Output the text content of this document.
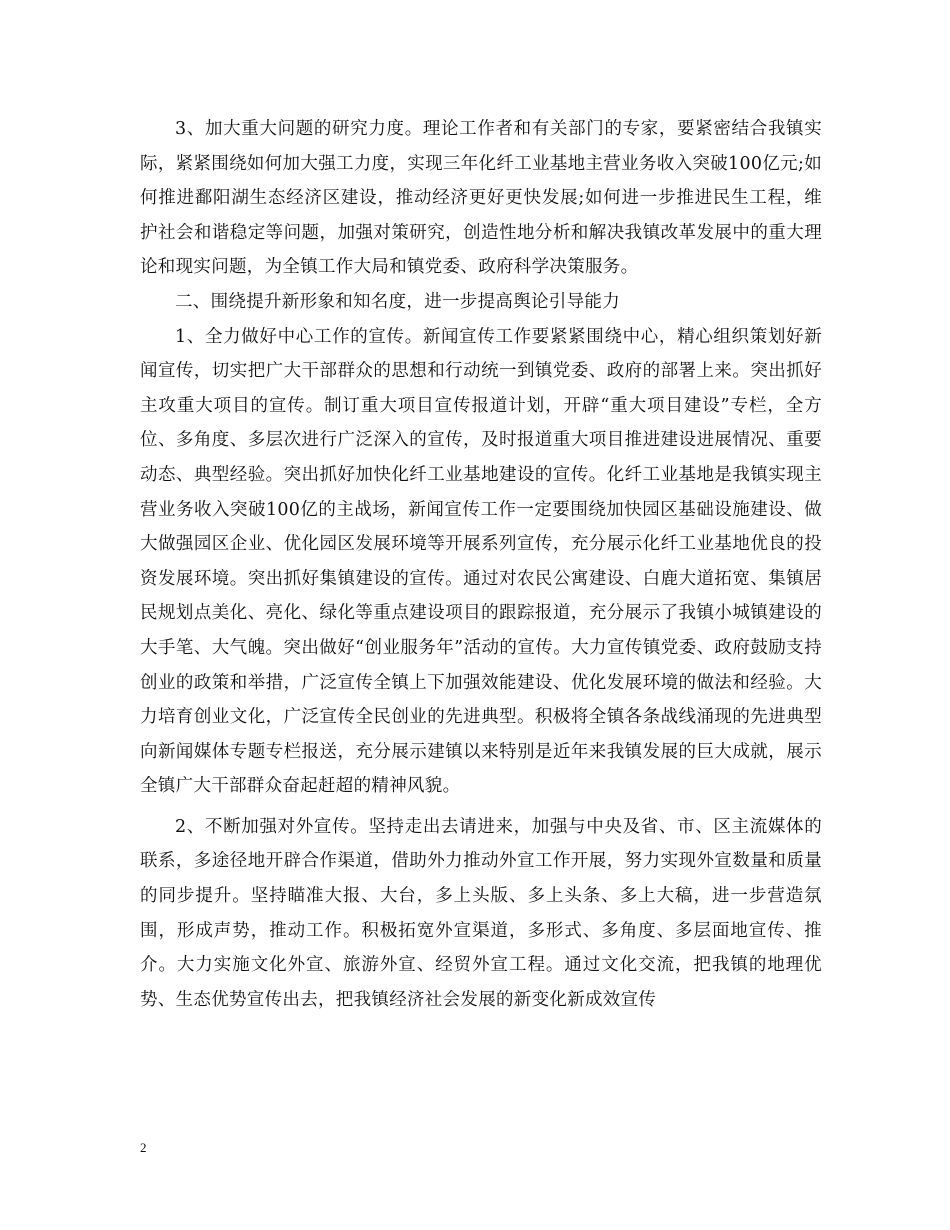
3、加大重大问题的研究力度。理论工作者和有关部门的专家，要紧密结合我镇实际，紧紧围绕如何加大强工力度，实现三年化纤工业基地主营业务收入突破100亿元;如何推进鄱阳湖生态经济区建设，推动经济更好更快发展;如何进一步推进民生工程，维护社会和谐稳定等问题，加强对策研究，创造性地分析和解决我镇改革发展中的重大理论和现实问题，为全镇工作大局和镇党委、政府科学决策服务。

二、围绕提升新形象和知名度，进一步提高舆论引导能力

1、全力做好中心工作的宣传。新闻宣传工作要紧紧围绕中心，精心组织策划好新闻宣传，切实把广大干部群众的思想和行动统一到镇党委、政府的部署上来。突出抓好主攻重大项目的宣传。制订重大项目宣传报道计划，开辟“重大项目建设”专栏，全方位、多角度、多层次进行广泛深入的宣传，及时报道重大项目推进建设进展情况、重要动态、典型经验。突出抓好加快化纤工业基地建设的宣传。化纤工业基地是我镇实现主营业务收入突破100亿的主战场，新闻宣传工作一定要围绕加快园区基础设施建设、做大做强园区企业、优化园区发展环境等开展系列宣传，充分展示化纤工业基地优良的投资发展环境。突出抓好集镇建设的宣传。通过对农民公寓建设、白鹿大道拓宽、集镇居民规划点美化、亮化、绿化等重点建设项目的跟踪报道，充分展示了我镇小城镇建设的大手笔、大气魄。突出做好“创业服务年”活动的宣传。大力宣传镇党委、政府鼓励支持创业的政策和举措，广泛宣传全镇上下加强效能建设、优化发展环境的做法和经验。大力培育创业文化，广泛宣传全民创业的先进典型。积极将全镇各条战线涌现的先进典型向新闻媒体专题专栏报送，充分展示建镇以来特别是近年来我镇发展的巨大成就，展示全镇广大干部群众奋起赶超的精神风貌。

2、不断加强对外宣传。坚持走出去请进来，加强与中央及省、市、区主流媒体的联系，多途径地开辟合作渠道，借助外力推动外宣工作开展，努力实现外宣数量和质量的同步提升。坚持瞄准大报、大台，多上头版、多上头条、多上大稿，进一步营造氛围，形成声势，推动工作。积极拓宽外宣渠道，多形式、多角度、多层面地宣传、推介。大力实施文化外宣、旅游外宣、经贸外宣工程。通过文化交流，把我镇的地理优势、生态优势宣传出去，把我镇经济社会发展的新变化新成效宣传

2
